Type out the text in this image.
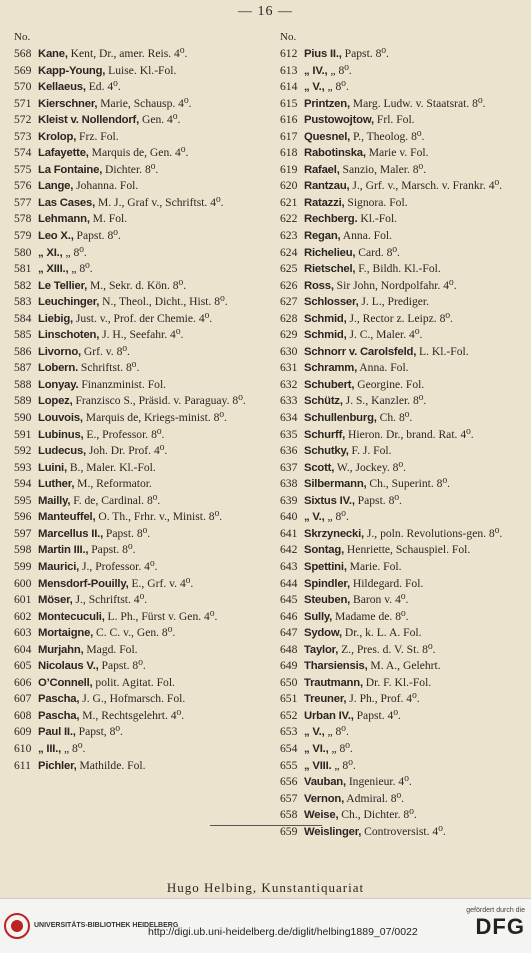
— 16 —
No.
568 Kane, Kent, Dr., amer. Reis. 4⁰.
569 Kapp-Young, Luise. Kl.-Fol.
570 Kellaeus, Ed. 4⁰.
571 Kierschner, Marie, Schausp. 4⁰.
572 Kleist v. Nollendorf, Gen. 4⁰.
573 Krolop, Frz. Fol.
574 Lafayette, Marquis de, Gen. 4⁰.
575 La Fontaine, Dichter. 8⁰.
576 Lange, Johanna. Fol.
577 Las Cases, M. J., Graf v., Schriftst. 4⁰.
578 Lehmann, M. Fol.
579 Leo X., Papst. 8⁰.
580 „ XI., „ 8⁰.
581 „ XIII., „ 8⁰.
582 Le Tellier, M., Sekr. d. Kön. 8⁰.
583 Leuchinger, N., Theol., Dicht., Hist. 8⁰.
584 Liebig, Just. v., Prof. der Chemie. 4⁰.
585 Linschoten, J. H., Seefahr. 4⁰.
586 Livorno, Grf. v. 8⁰.
587 Lobern. Schriftst. 8⁰.
588 Lonyay. Finanzminist. Fol.
589 Lopez, Franzisco S., Präsid. v. Paraguay. 8⁰.
590 Louvois, Marquis de, Kriegs-minist. 8⁰.
591 Lubinus, E., Professor. 8⁰.
592 Ludecus, Joh. Dr. Prof. 4⁰.
593 Luini, B., Maler. Kl.-Fol.
594 Luther, M., Reformator.
595 Mailly, F. de, Cardinal. 8⁰.
596 Manteuffel, O. Th., Frhr. v., Minist. 8⁰.
597 Marcellus II., Papst. 8⁰.
598 Martin III., Papst. 8⁰.
599 Maurici, J., Professor. 4⁰.
600 Mensdorf-Pouilly, E., Grf. v. 4⁰.
601 Möser, J., Schriftst. 4⁰.
602 Montecuculi, L. Ph., Fürst v. Gen. 4⁰.
603 Mortaigne, C. C. v., Gen. 8⁰.
604 Murjahn, Magd. Fol.
605 Nicolaus V., Papst. 8⁰.
606 O’Connell, polit. Agitat. Fol.
607 Pascha, J. G., Hofmarsch. Fol.
608 Pascha, M., Rechtsgelehrt. 4⁰.
609 Paul II., Papst, 8⁰.
610 „ III., „ 8⁰.
611 Pichler, Mathilde. Fol.
No.
612 Pius II., Papst. 8⁰.
613 „ IV., „ 8⁰.
614 „ V., „ 8⁰.
615 Printzen, Marg. Ludw. v. Staatsrat. 8⁰.
616 Pustowojtow, Frl. Fol.
617 Quesnel, P., Theolog. 8⁰.
618 Rabotinska, Marie v. Fol.
619 Rafael, Sanzio, Maler. 8⁰.
620 Rantzau, J., Grf. v., Marsch. v. Frankr. 4⁰.
621 Ratazzi, Signora. Fol.
622 Rechberg. Kl.-Fol.
623 Regan, Anna. Fol.
624 Richelieu, Card. 8⁰.
625 Rietschel, F., Bildh. Kl.-Fol.
626 Ross, Sir John, Nordpolfahr. 4⁰.
627 Schlosser, J. L., Prediger.
628 Schmid, J., Rector z. Leipz. 8⁰.
629 Schmid, J. C., Maler. 4⁰.
630 Schnorr v. Carolsfeld, L. Kl.-Fol.
631 Schramm, Anna. Fol.
632 Schubert, Georgine. Fol.
633 Schütz, J. S., Kanzler. 8⁰.
634 Schullenburg, Ch. 8⁰.
635 Schurff, Hieron. Dr., brand. Rat. 4⁰.
636 Schutky, F. J. Fol.
637 Scott, W., Jockey. 8⁰.
638 Silbermann, Ch., Superint. 8⁰.
639 Sixtus IV., Papst. 8⁰.
640 „ V., „ 8⁰.
641 Skrzynecki, J., poln. Revolutions-gen. 8⁰.
642 Sontag, Henriette, Schauspiel. Fol.
643 Spettini, Marie. Fol.
644 Spindler, Hildegard. Fol.
645 Steuben, Baron v. 4⁰.
646 Sully, Madame de. 8⁰.
647 Sydow, Dr., k. L. A. Fol.
648 Taylor, Z., Pres. d. V. St. 8⁰.
649 Tharsiensis, M. A., Gelehrt.
650 Trautmann, Dr. F. Kl.-Fol.
651 Treuner, J. Ph., Prof. 4⁰.
652 Urban IV., Papst. 4⁰.
653 „ V., „ 8⁰.
654 „ VI., „ 8⁰.
655 „ VIII. „ 8⁰.
656 Vauban, Ingenieur. 4⁰.
657 Vernon, Admiral. 8⁰.
658 Weise, Ch., Dichter. 8⁰.
659 Weislinger, Controversist. 4⁰.
Hugo Helbing, Kunstantiquariat
UNIVERSITÄTS-BIBLIOTHEK HEIDELBERG
http://digi.ub.uni-heidelberg.de/diglit/helbing1889_07/0022
gefördert durch die
DFG
